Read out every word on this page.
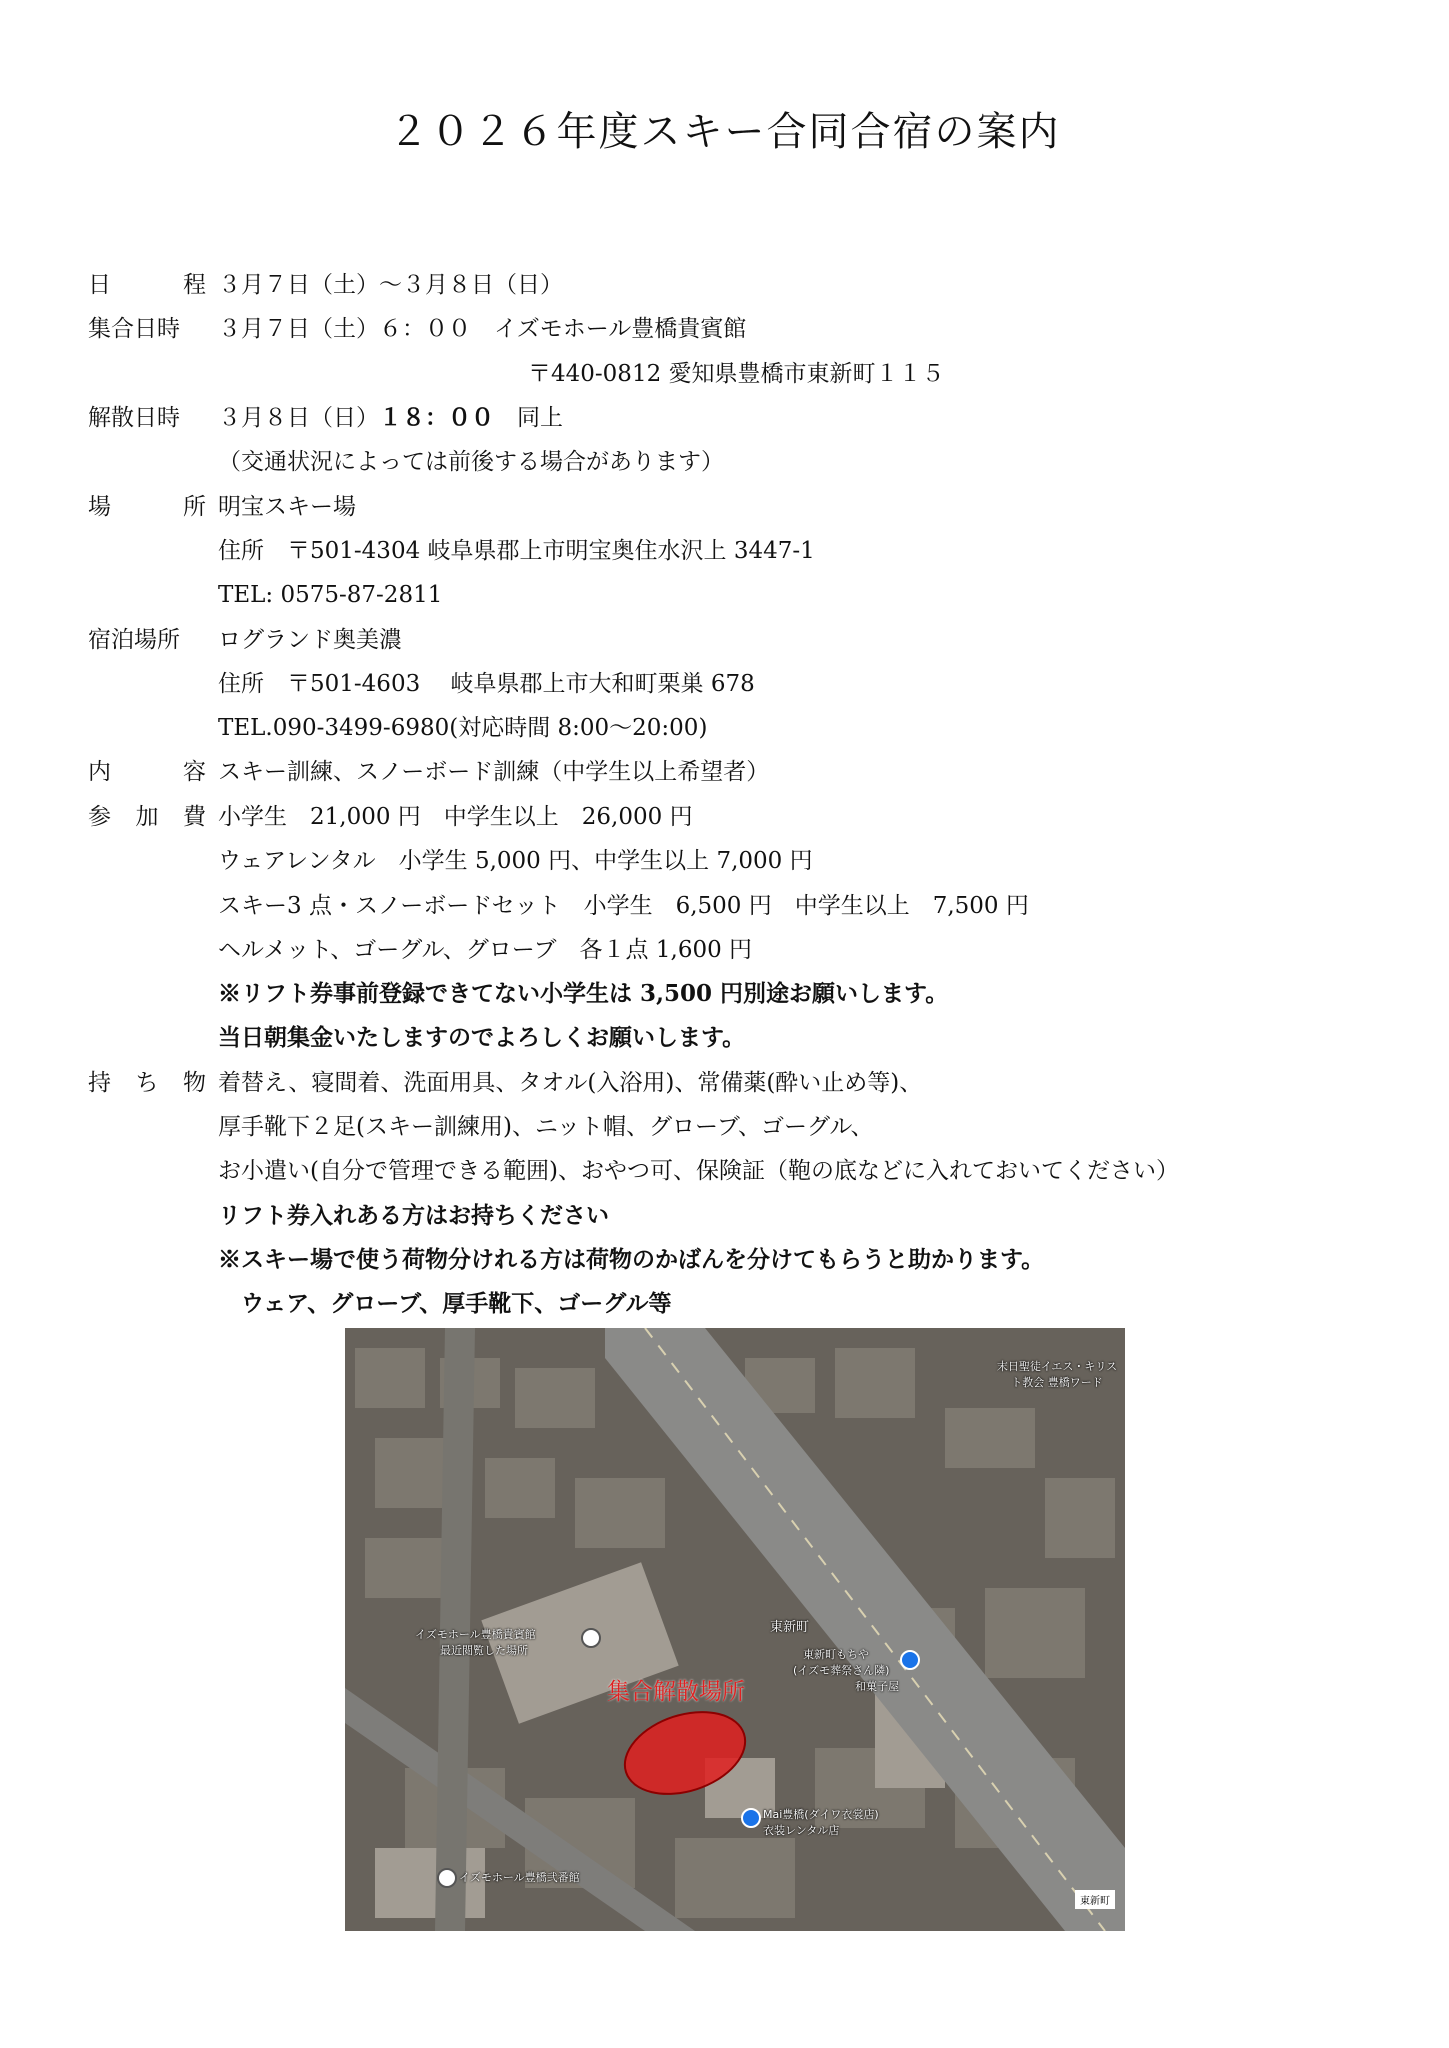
２０２６年度スキー合同合宿の案内
日	程 ３月７日（土）～３月８日（日）
集合日時	３月７日（土）６：００　イズモホール豊橋貴賓館
〒440-0812 愛知県豊橋市東新町１１５
解散日時	３月８日（日）１８：００　同上
（交通状況によっては前後する場合があります）
場	所 明宝スキー場
住所　〒501-4304 岐阜県郡上市明宝奥住水沢上 3447-1
TEL: 0575-87-2811
宿泊場所	ログランド奥美濃
住所　〒501-4603　 岐阜県郡上市大和町栗巣 678
TEL.090-3499-6980(対応時間 8:00～20:00)
内	容 スキー訓練、スノーボード訓練（中学生以上希望者）
参 加 費 小学生　21,000 円　中学生以上　26,000 円
ウェアレンタル　小学生 5,000 円、中学生以上 7,000 円
スキー3 点・スノーボードセット　小学生　6,500 円　中学生以上　7,500 円
ヘルメット、ゴーグル、グローブ　各１点 1,600 円
※リフト券事前登録できてない小学生は 3,500 円別途お願いします。
当日朝集金いたしますのでよろしくお願いします。
持 ち 物 着替え、寝間着、洗面用具、タオル(入浴用)、常備薬(酔い止め等)、
厚手靴下２足(スキー訓練用)、ニット帽、グローブ、ゴーグル、
お小遣い(自分で管理できる範囲)、おやつ可、保険証（鞄の底などに入れておいてください）
リフト券入れある方はお持ちください
※スキー場で使う荷物分けれる方は荷物のかばんを分けてもらうと助かります。
　ウェア、グローブ、厚手靴下、ゴーグル等
集合解散場所
イズモホール豊橋貴賓館
最近閲覧した場所
末日聖徒イエス・キリスト教会 豊橋ワード
東新町
東新町もちや
(イズモ葬祭さん隣)
和菓子屋
Mai豊橋(ダイワ衣裳店)
衣装レンタル店
イズモホール豊橋弐番館
東新町
